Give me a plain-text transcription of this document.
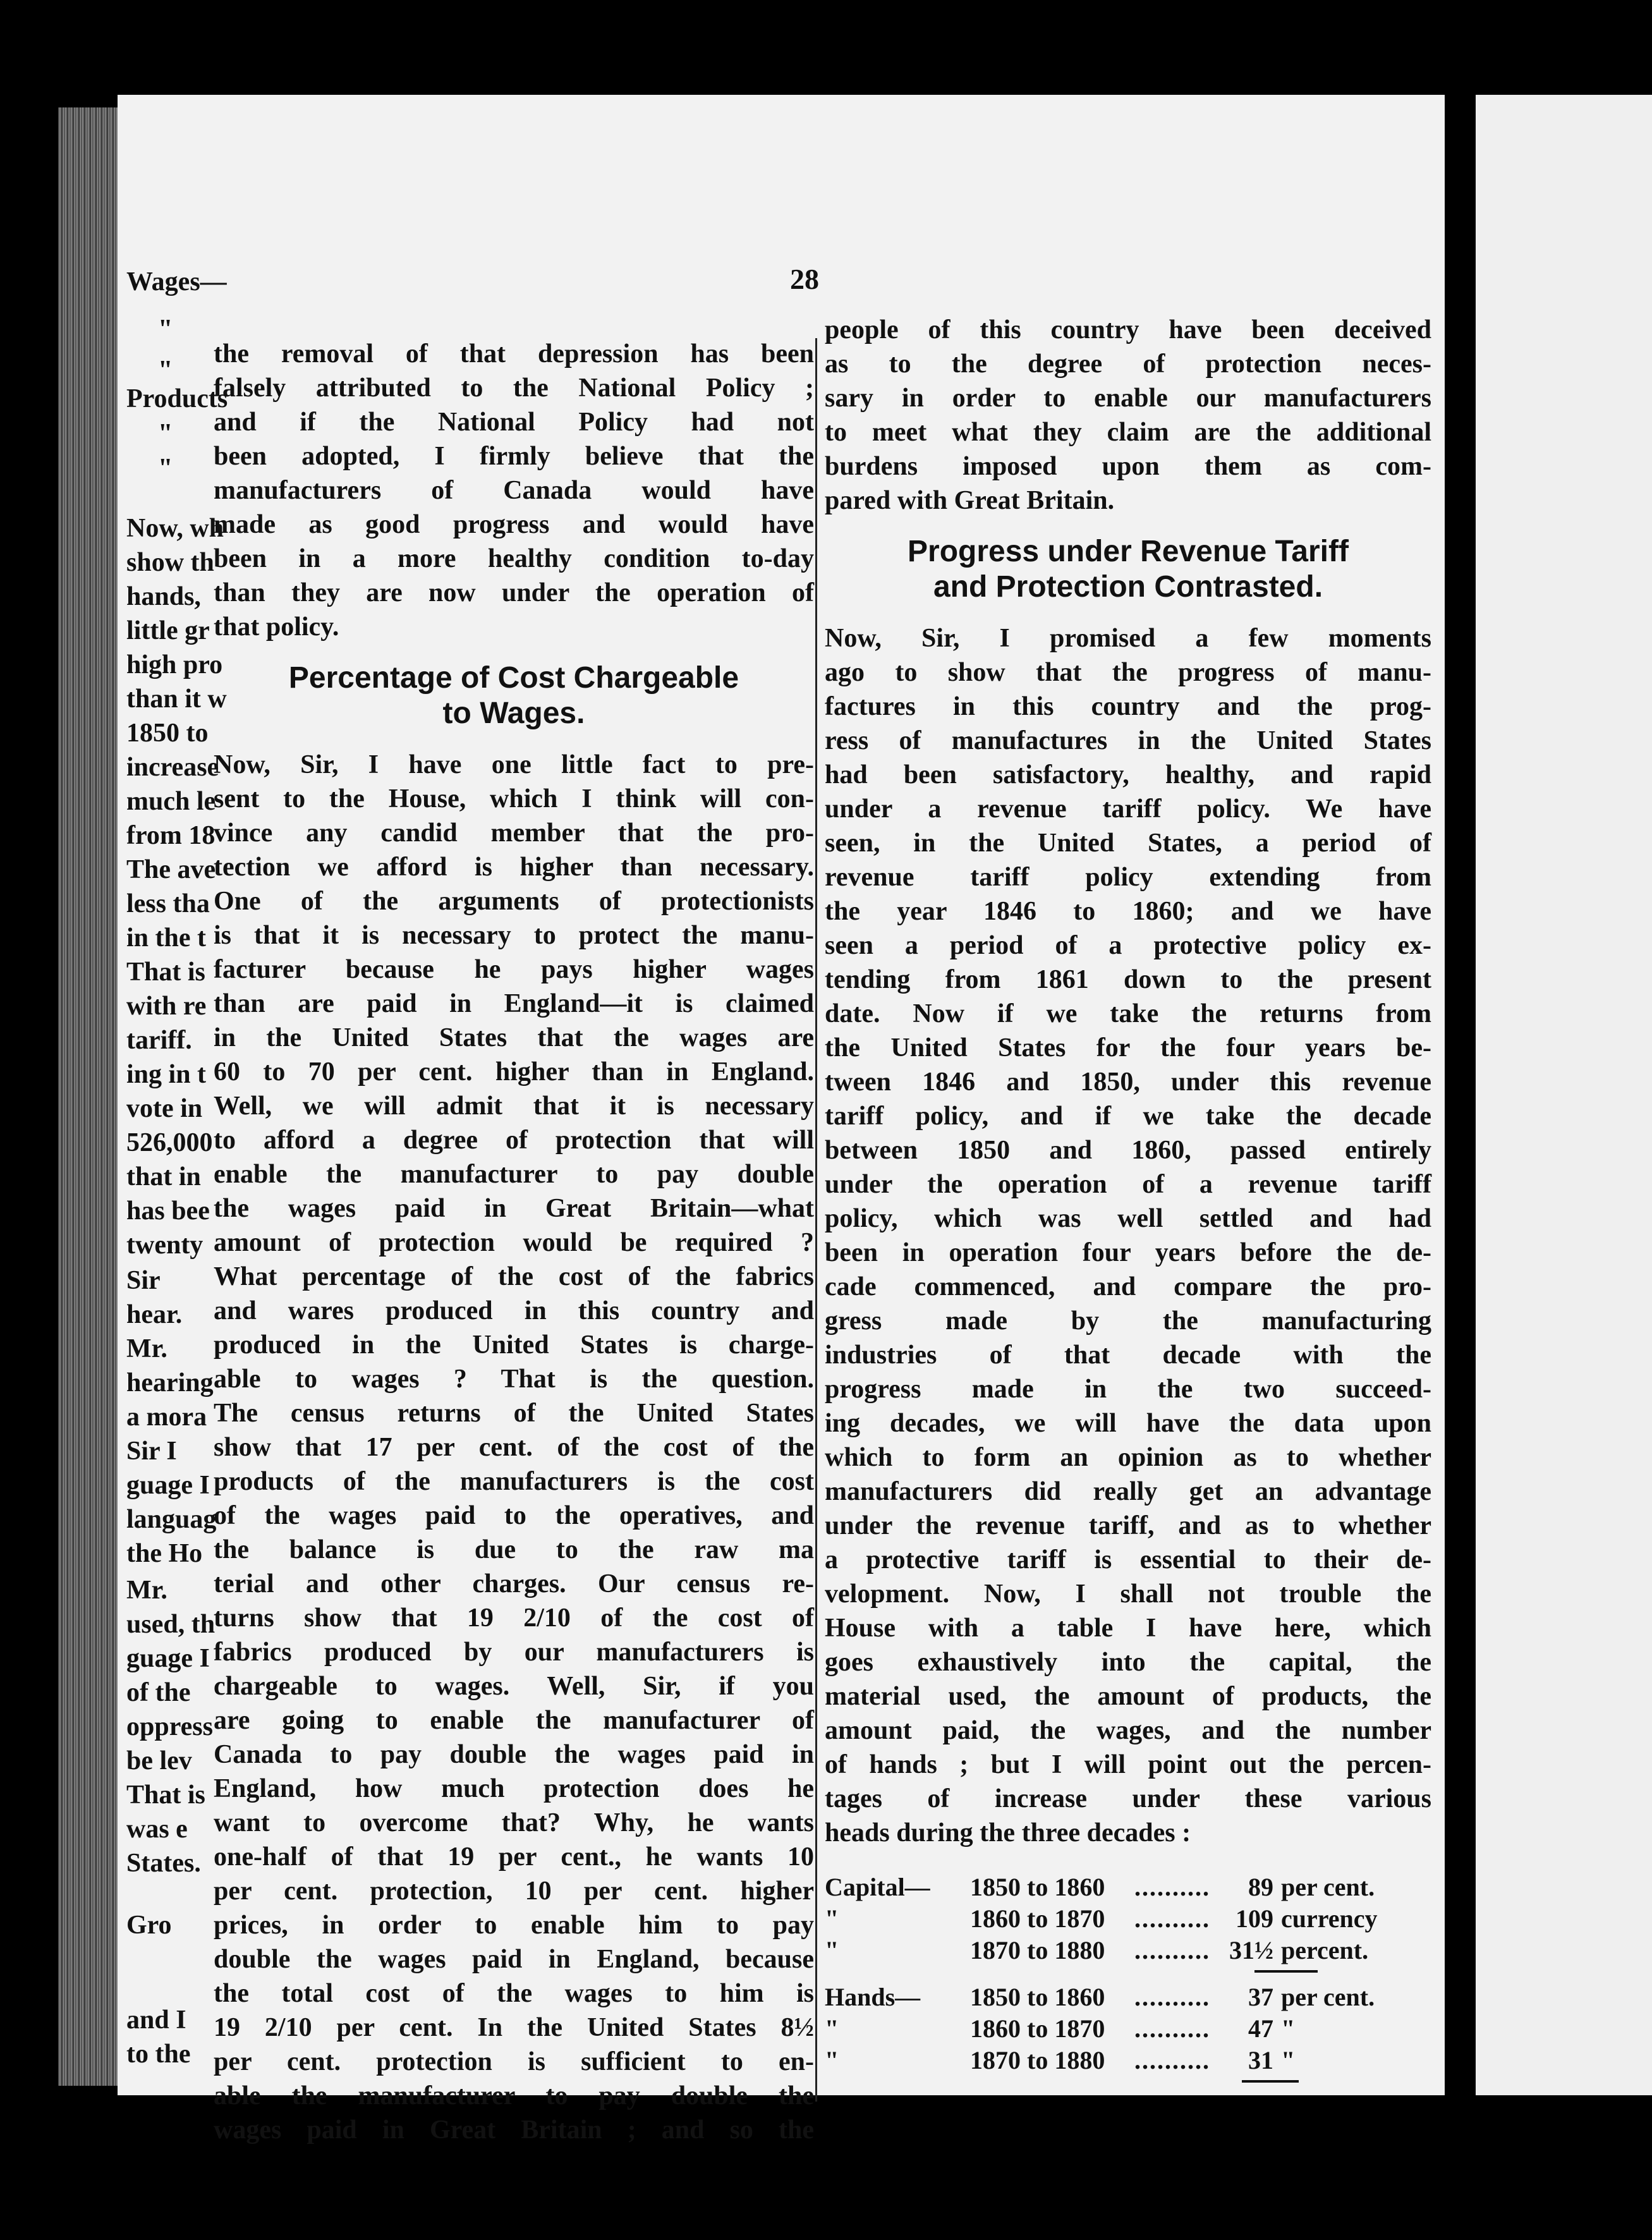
28
the removal of that depression has been
falsely attributed to the National Policy ;
and if the National Policy had not
been adopted, I firmly believe that the
manufacturers of Canada would have
made as good progress and would have
been in a more healthy condition to-day
than they are now under the operation of
that policy.
Percentage of Cost Chargeable
to Wages.
Now, Sir, I have one little fact to pre-
sent to the House, which I think will con-
vince any candid member that the pro-
tection we afford is higher than necessary.
One of the arguments of protectionists
is that it is necessary to protect the manu-
facturer because he pays higher wages
than are paid in England—it is claimed
in the United States that the wages are
60 to 70 per cent. higher than in England.
Well, we will admit that it is necessary
to afford a degree of protection that will
enable the manufacturer to pay double
the wages paid in Great Britain—what
amount of protection would be required ?
What percentage of the cost of the fabrics
and wares produced in this country and
produced in the United States is charge-
able to wages ? That is the question.
The census returns of the United States
show that 17 per cent. of the cost of the
products of the manufacturers is the cost
of the wages paid to the operatives, and
the balance is due to the raw ma
terial and other charges. Our census re-
turns show that 19 2/10 of the cost of
fabrics produced by our manufacturers is
chargeable to wages. Well, Sir, if you
are going to enable the manufacturer of
Canada to pay double the wages paid in
England, how much protection does he
want to overcome that? Why, he wants
one-half of that 19 per cent., he wants 10
per cent. protection, 10 per cent. higher
prices, in order to enable him to pay
double the wages paid in England, because
the total cost of the wages to him is
19 2/10 per cent. In the United States 8½
per cent. protection is sufficient to en-
able the manufacturer to pay double the
wages paid in Great Britain ; and so the
people of this country have been deceived
as to the degree of protection neces-
sary in order to enable our manufacturers
to meet what they claim are the additional
burdens imposed upon them as com-
pared with Great Britain.
Progress under Revenue Tariff
and Protection Contrasted.
Now, Sir, I promised a few moments
ago to show that the progress of manu-
factures in this country and the prog-
ress of manufactures in the United States
had been satisfactory, healthy, and rapid
under a revenue tariff policy. We have
seen, in the United States, a period of
revenue tariff policy extending from
the year 1846 to 1860; and we have
seen a period of a protective policy ex-
tending from 1861 down to the present
date. Now if we take the returns from
the United States for the four years be-
tween 1846 and 1850, under this revenue
tariff policy, and if we take the decade
between 1850 and 1860, passed entirely
under the operation of a revenue tariff
policy, which was well settled and had
been in operation four years before the de-
cade commenced, and compare the pro-
gress made by the manufacturing
industries of that decade with the
progress made in the two succeed-
ing decades, we will have the data upon
which to form an opinion as to whether
manufacturers did really get an advantage
under the revenue tariff, and as to whether
a protective tariff is essential to their de-
velopment. Now, I shall not trouble the
House with a table I have here, which
goes exhaustively into the capital, the
material used, the amount of products, the
amount paid, the wages, and the number
of hands ; but I will point out the percen-
tages of increase under these various
heads during the three decades :
Capital—	1850 to 1860	..........	89 per cent.
"	1860 to 1870	..........	109 currency
"	1870 to 1880	.......... 31½ percent.
Hands—	1850 to 1860	..........	37 per cent.
"	1860 to 1870	..........	47 "
"	1870 to 1880	..........	31 "
Wages—
"
"
Products
"
"
Now, wh
show th
hands,
little gr
high pro
than it w
1850 to
increase
much le
from 18
The ave
less tha
in the t
That is
with re
tariff.
ing in t
vote in
526,000
that in
has bee
twenty
Sir
hear.
Mr.
hearing
a mora
Sir I
guage I
languag
the Ho
Mr.
used, th
guage I
of the
oppress
be lev
That is
was e
States.
Gro
and I
to the
